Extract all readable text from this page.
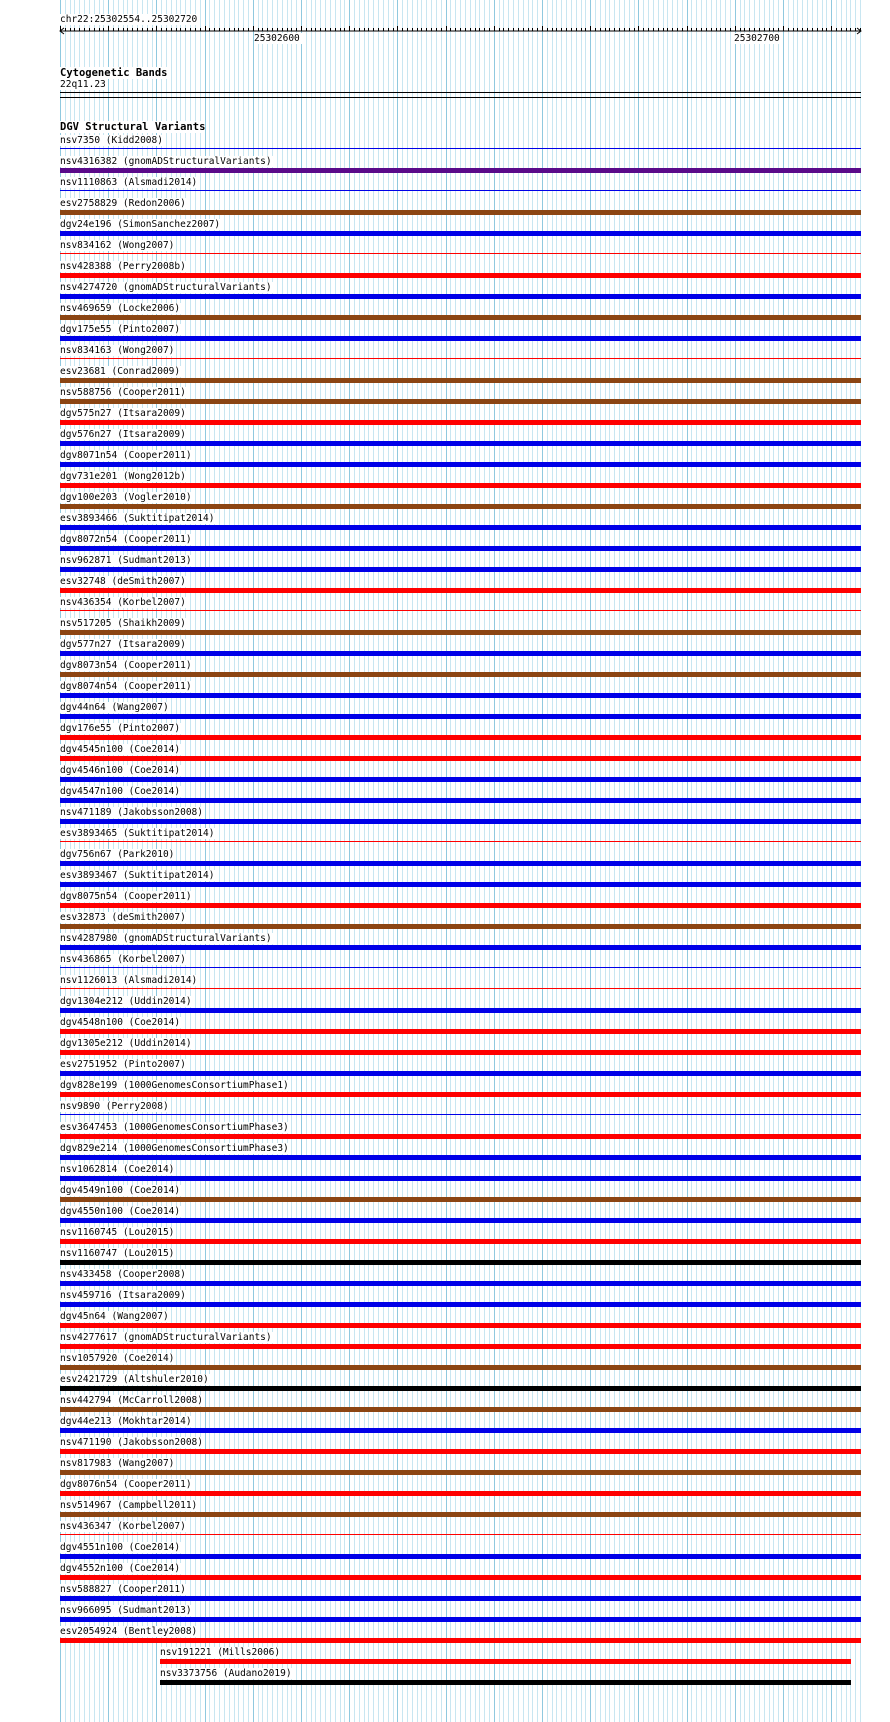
chr22:25302554..25302720
25302600	25302700
Cytogenetic Bands
22q11.23
DGV Structural Variants
nsv7350 (Kidd2008)
nsv4316382 (gnomADStructuralVariants)
nsv1110863 (Alsmadi2014)
esv2758829 (Redon2006)
dgv24e196 (SimonSanchez2007)
nsv834162 (Wong2007)
nsv428388 (Perry2008b)
nsv4274720 (gnomADStructuralVariants)
nsv469659 (Locke2006)
dgv175e55 (Pinto2007)
nsv834163 (Wong2007)
esv23681 (Conrad2009)
nsv588756 (Cooper2011)
dgv575n27 (Itsara2009)
dgv576n27 (Itsara2009)
dgv8071n54 (Cooper2011)
dgv731e201 (Wong2012b)
dgv100e203 (Vogler2010)
esv3893466 (Suktitipat2014)
dgv8072n54 (Cooper2011)
nsv962871 (Sudmant2013)
esv32748 (deSmith2007)
nsv436354 (Korbel2007)
nsv517205 (Shaikh2009)
dgv577n27 (Itsara2009)
dgv8073n54 (Cooper2011)
dgv8074n54 (Cooper2011)
dgv44n64 (Wang2007)
dgv176e55 (Pinto2007)
dgv4545n100 (Coe2014)
dgv4546n100 (Coe2014)
dgv4547n100 (Coe2014)
nsv471189 (Jakobsson2008)
esv3893465 (Suktitipat2014)
dgv756n67 (Park2010)
esv3893467 (Suktitipat2014)
dgv8075n54 (Cooper2011)
esv32873 (deSmith2007)
nsv4287980 (gnomADStructuralVariants)
nsv436865 (Korbel2007)
nsv1126013 (Alsmadi2014)
dgv1304e212 (Uddin2014)
dgv4548n100 (Coe2014)
dgv1305e212 (Uddin2014)
esv2751952 (Pinto2007)
dgv828e199 (1000GenomesConsortiumPhase1)
nsv9890 (Perry2008)
esv3647453 (1000GenomesConsortiumPhase3)
dgv829e214 (1000GenomesConsortiumPhase3)
nsv1062814 (Coe2014)
dgv4549n100 (Coe2014)
dgv4550n100 (Coe2014)
nsv1160745 (Lou2015)
nsv1160747 (Lou2015)
nsv433458 (Cooper2008)
nsv459716 (Itsara2009)
dgv45n64 (Wang2007)
nsv4277617 (gnomADStructuralVariants)
nsv1057920 (Coe2014)
esv2421729 (Altshuler2010)
nsv442794 (McCarroll2008)
dgv44e213 (Mokhtar2014)
nsv471190 (Jakobsson2008)
nsv817983 (Wang2007)
dgv8076n54 (Cooper2011)
nsv514967 (Campbell2011)
nsv436347 (Korbel2007)
dgv4551n100 (Coe2014)
dgv4552n100 (Coe2014)
nsv588827 (Cooper2011)
nsv966095 (Sudmant2013)
esv2054924 (Bentley2008)
nsv191221 (Mills2006)
nsv3373756 (Audano2019)
